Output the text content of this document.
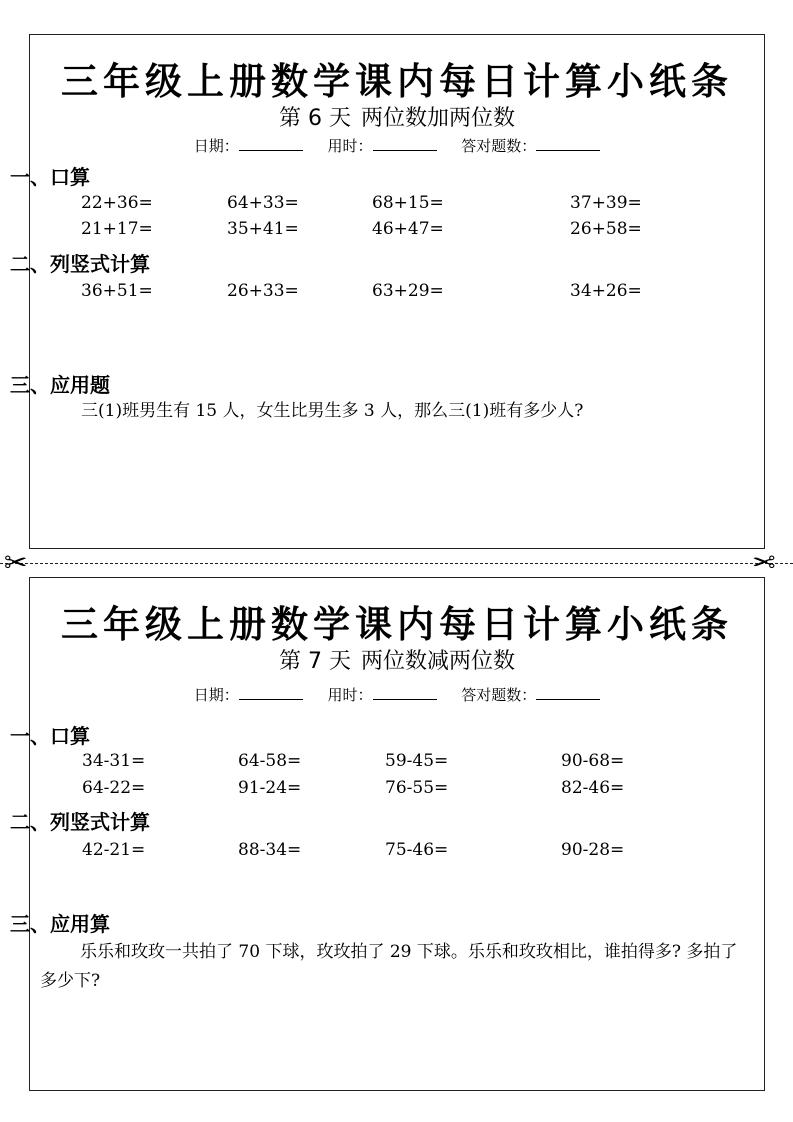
三年级上册数学课内每日计算小纸条
第 6 天 两位数加两位数
日期：	用时：	答对题数：
一、口算
22+36=	64+33=	68+15=	37+39=
21+17=	35+41=	46+47=	26+58=
二、列竖式计算
36+51=	26+33=	63+29=	34+26=
三、应用题
三(1)班男生有 15 人，女生比男生多 3 人，那么三(1)班有多少人?
✂	✂
三年级上册数学课内每日计算小纸条
第 7 天 两位数减两位数
日期：	用时：	答对题数：
一、口算
34-31=	64-58=	59-45=	90-68=
64-22=	91-24=	76-55=	82-46=
二、列竖式计算
42-21=	88-34=	75-46=	90-28=
三、应用算
乐乐和玫玫一共拍了 70 下球，玫玫拍了 29 下球。乐乐和玫玫相比，谁拍得多? 多拍了多少下?
